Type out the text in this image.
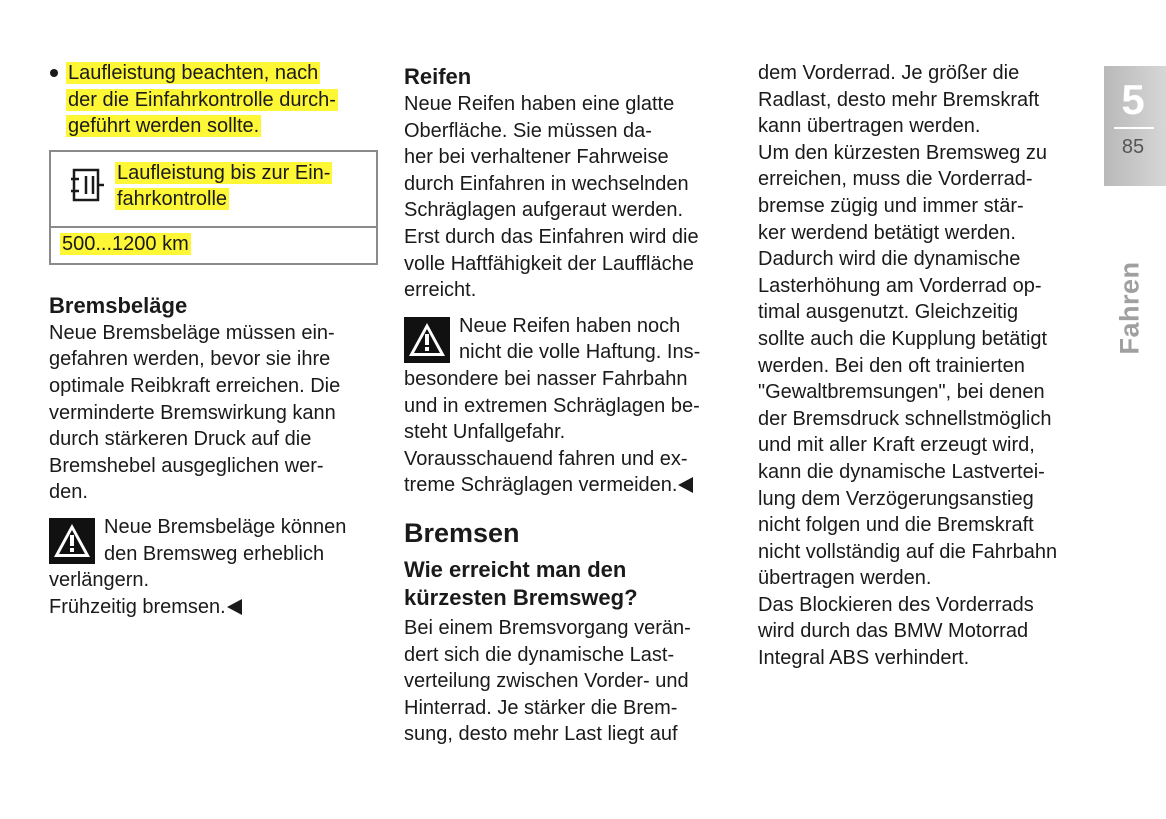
Laufleistung beachten, nach
der die Einfahrkontrolle durch-
geführt werden sollte.
Laufleistung bis zur Ein-
fahrkontrolle
500...1200 km

Bremsbeläge

Neue Bremsbeläge müssen ein-
gefahren werden, bevor sie ihre
optimale Reibkraft erreichen. Die
verminderte Bremswirkung kann
durch stärkeren Druck auf die
Bremshebel ausgeglichen wer-
den.
Neue Bremsbeläge können
den Bremsweg erheblich
verlängern.
Frühzeitig bremsen.

Reifen

Neue Reifen haben eine glatte
Oberfläche. Sie müssen da-
her bei verhaltener Fahrweise
durch Einfahren in wechselnden
Schräglagen aufgeraut werden.
Erst durch das Einfahren wird die
volle Haftfähigkeit der Lauffläche
erreicht.
Neue Reifen haben noch
nicht die volle Haftung. Ins-
besondere bei nasser Fahrbahn
und in extremen Schräglagen be-
steht Unfallgefahr.
Vorausschauend fahren und ex-
treme Schräglagen vermeiden.

Bremsen

Wie erreicht man den
kürzesten Bremsweg?
Bei einem Bremsvorgang verän-
dert sich die dynamische Last-
verteilung zwischen Vorder- und
Hinterrad. Je stärker die Brem-
sung, desto mehr Last liegt auf
dem Vorderrad. Je größer die
Radlast, desto mehr Bremskraft
kann übertragen werden.
Um den kürzesten Bremsweg zu
erreichen, muss die Vorderrad-
bremse zügig und immer stär-
ker werdend betätigt werden.
Dadurch wird die dynamische
Lasterhöhung am Vorderrad op-
timal ausgenutzt. Gleichzeitig
sollte auch die Kupplung betätigt
werden. Bei den oft trainierten
"Gewaltbremsungen", bei denen
der Bremsdruck schnellstmöglich
und mit aller Kraft erzeugt wird,
kann die dynamische Lastvertei-
lung dem Verzögerungsanstieg
nicht folgen und die Bremskraft
nicht vollständig auf die Fahrbahn
übertragen werden.
Das Blockieren des Vorderrads
wird durch das BMW Motorrad
Integral ABS verhindert.
5
85
Fahren
